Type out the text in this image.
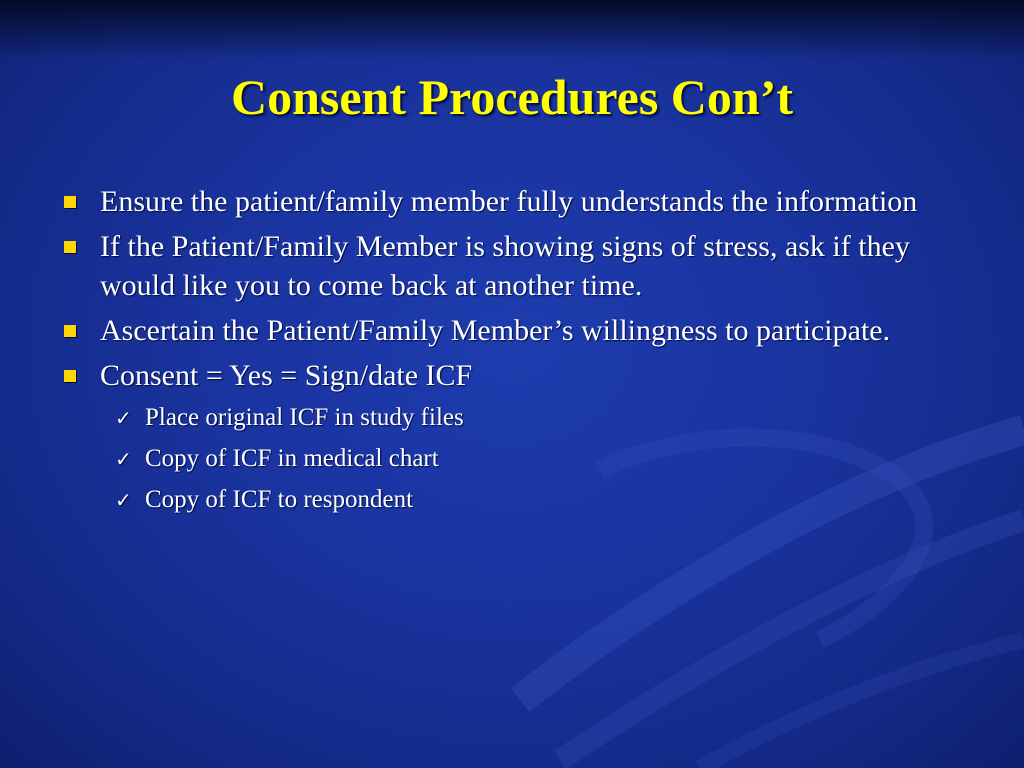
Consent Procedures Con’t
Ensure the patient/family member fully understands the information
If the Patient/Family Member is showing signs of stress, ask if they would like you to come back at another time.
Ascertain the Patient/Family Member’s willingness to participate.
Consent = Yes = Sign/date ICF
✓ Place original ICF in study files
✓ Copy of ICF in medical chart
✓ Copy of ICF to respondent
